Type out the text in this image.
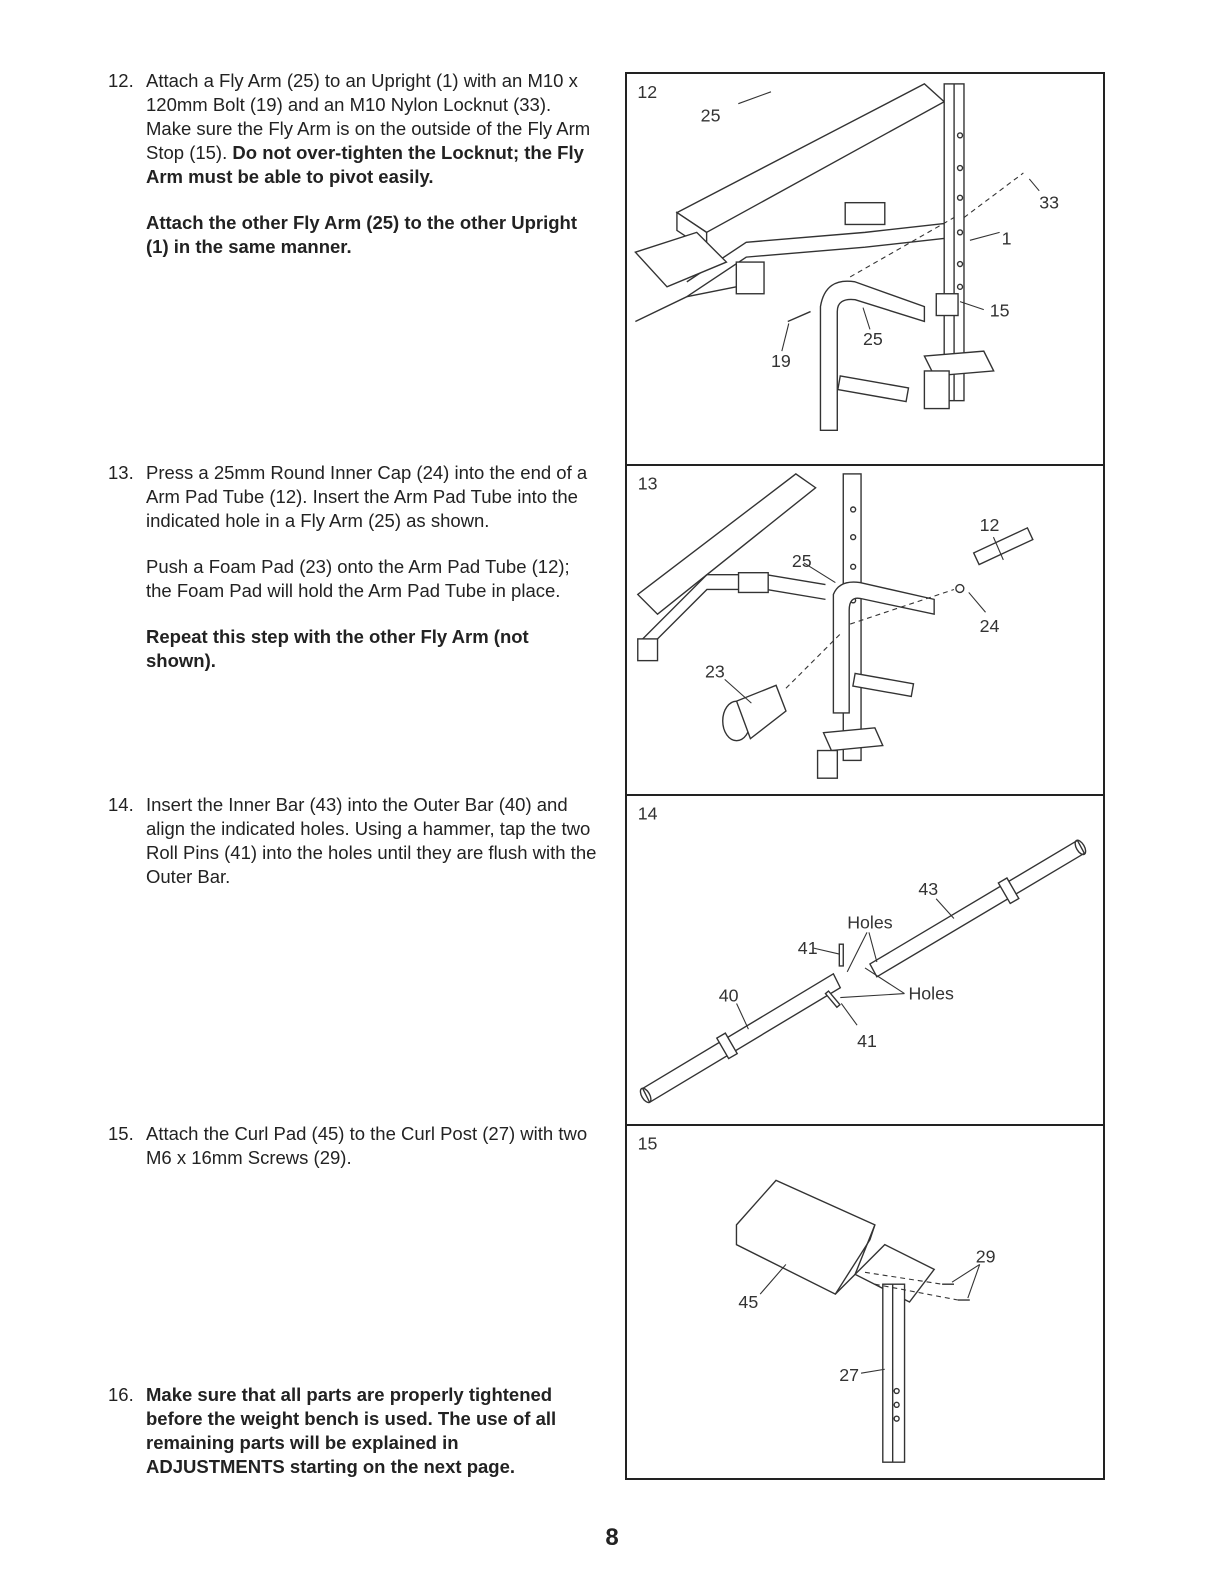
12. Attach a Fly Arm (25) to an Upright (1) with an M10 x 120mm Bolt (19) and an M10 Nylon Locknut (33). Make sure the Fly Arm is on the outside of the Fly Arm Stop (15). Do not over-tighten the Locknut; the Fly Arm must be able to pivot easily.

Attach the other Fly Arm (25) to the other Upright (1) in the same manner.

13. Press a 25mm Round Inner Cap (24) into the end of a Arm Pad Tube (12). Insert the Arm Pad Tube into the indicated hole in a Fly Arm (25) as shown.

Push a Foam Pad (23) onto the Arm Pad Tube (12); the Foam Pad will hold the Arm Pad Tube in place.

Repeat this step with the other Fly Arm (not shown).

14. Insert the Inner Bar (43) into the Outer Bar (40) and align the indicated holes. Using a hammer, tap the two Roll Pins (41) into the holes until they are flush with the Outer Bar.

15. Attach the Curl Pad (45) to the Curl Post (27) with two M6 x 16mm Screws (29).

16. Make sure that all parts are properly tightened before the weight bench is used. The use of all remaining parts will be explained in ADJUSTMENTS starting on the next page.

12
25
33
1
15
25
19
13
12
25
24
23
14
43
Holes
41
40	Holes
41
15
29
45
27
8
